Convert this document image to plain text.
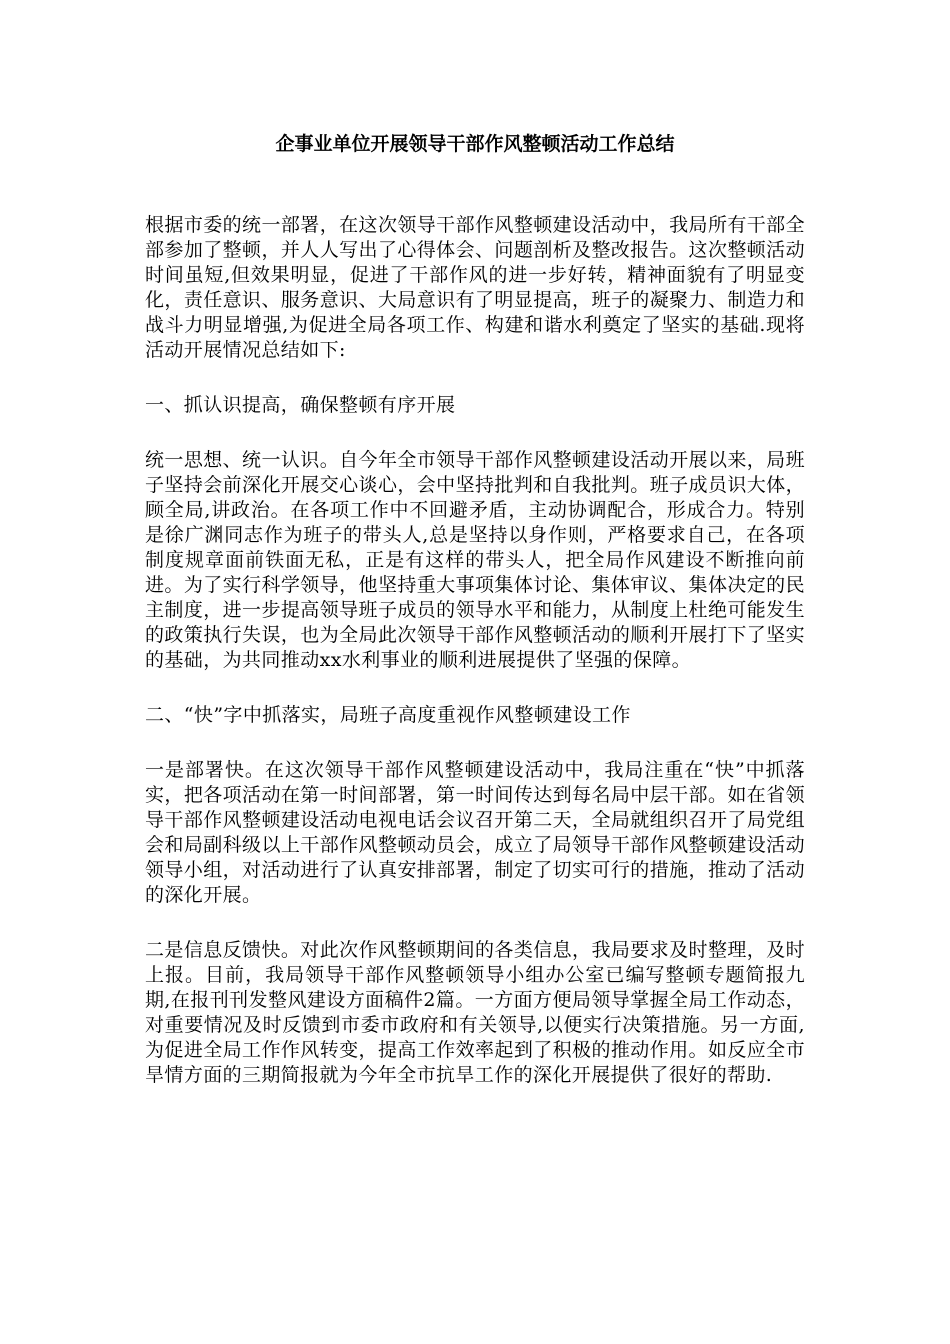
企事业单位开展领导干部作风整顿活动工作总结

根据市委的统一部署，在这次领导干部作风整顿建设活动中，我局所有干部全部参加了整顿，并人人写出了心得体会、问题剖析及整改报告。这次整顿活动时间虽短,但效果明显，促进了干部作风的进一步好转，精神面貌有了明显变化，责任意识、服务意识、大局意识有了明显提高，班子的凝聚力、制造力和战斗力明显增强,为促进全局各项工作、构建和谐水利奠定了坚实的基础.现将活动开展情况总结如下:

一、抓认识提高，确保整顿有序开展

统一思想、统一认识。自今年全市领导干部作风整顿建设活动开展以来，局班子坚持会前深化开展交心谈心，会中坚持批判和自我批判。班子成员识大体，顾全局,讲政治。在各项工作中不回避矛盾，主动协调配合，形成合力。特别是徐广渊同志作为班子的带头人,总是坚持以身作则，严格要求自己，在各项制度规章面前铁面无私，正是有这样的带头人，把全局作风建设不断推向前进。为了实行科学领导，他坚持重大事项集体讨论、集体审议、集体决定的民主制度，进一步提高领导班子成员的领导水平和能力，从制度上杜绝可能发生的政策执行失误，也为全局此次领导干部作风整顿活动的顺利开展打下了坚实的基础，为共同推动xx水利事业的顺利进展提供了坚强的保障。

二、“快”字中抓落实，局班子高度重视作风整顿建设工作

一是部署快。在这次领导干部作风整顿建设活动中，我局注重在“快”中抓落实，把各项活动在第一时间部署，第一时间传达到每名局中层干部。如在省领导干部作风整顿建设活动电视电话会议召开第二天，全局就组织召开了局党组会和局副科级以上干部作风整顿动员会，成立了局领导干部作风整顿建设活动领导小组，对活动进行了认真安排部署，制定了切实可行的措施，推动了活动的深化开展。

二是信息反馈快。对此次作风整顿期间的各类信息，我局要求及时整理，及时上报。目前，我局领导干部作风整顿领导小组办公室已编写整顿专题简报九期,在报刊刊发整风建设方面稿件2篇。一方面方便局领导掌握全局工作动态，对重要情况及时反馈到市委市政府和有关领导,以便实行决策措施。另一方面,为促进全局工作作风转变，提高工作效率起到了积极的推动作用。如反应全市旱情方面的三期简报就为今年全市抗旱工作的深化开展提供了很好的帮助.
